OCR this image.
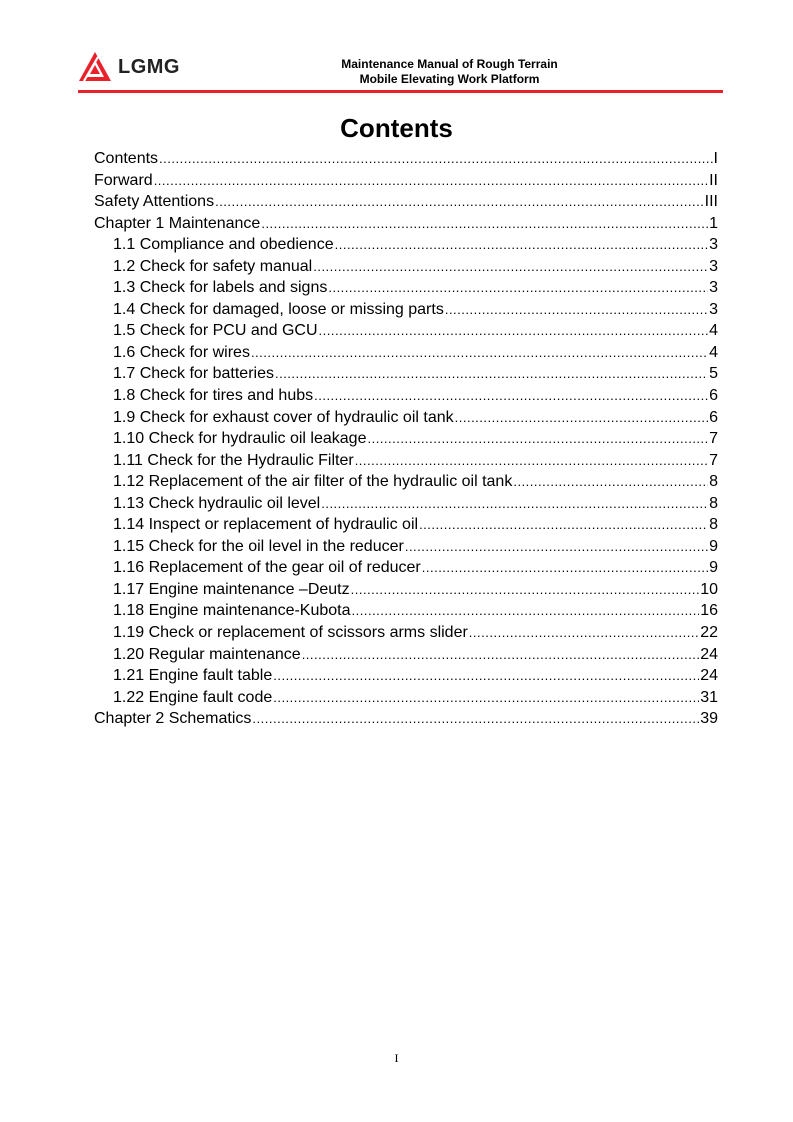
LGMG	Maintenance Manual of Rough Terrain
Mobile Elevating Work Platform
Contents
Contents .....	I
Forward .....	II
Safety Attentions .....	III
Chapter 1 Maintenance .....	1
1.1 Compliance and obedience .....	3
1.2 Check for safety manual .....	3
1.3 Check for labels and signs .....	3
1.4 Check for damaged, loose or missing parts .....	3
1.5 Check for PCU and GCU .....	4
1.6 Check for wires .....	4
1.7 Check for batteries .....	5
1.8 Check for tires and hubs .....	6
1.9 Check for exhaust cover of hydraulic oil tank .....	6
1.10 Check for hydraulic oil leakage .....	7
1.11 Check for the Hydraulic Filter .....	7
1.12 Replacement of the air filter of the hydraulic oil tank .....	8
1.13 Check hydraulic oil level .....	8
1.14 Inspect or replacement of hydraulic oil .....	8
1.15 Check for the oil level in the reducer .....	9
1.16 Replacement of the gear oil of reducer .....	9
1.17 Engine maintenance –Deutz .....	10
1.18 Engine maintenance-Kubota .....	16
1.19 Check or replacement of scissors arms slider .....	22
1.20 Regular maintenance .....	24
1.21 Engine fault table .....	24
1.22 Engine fault code .....	31
Chapter 2 Schematics .....	39
I
